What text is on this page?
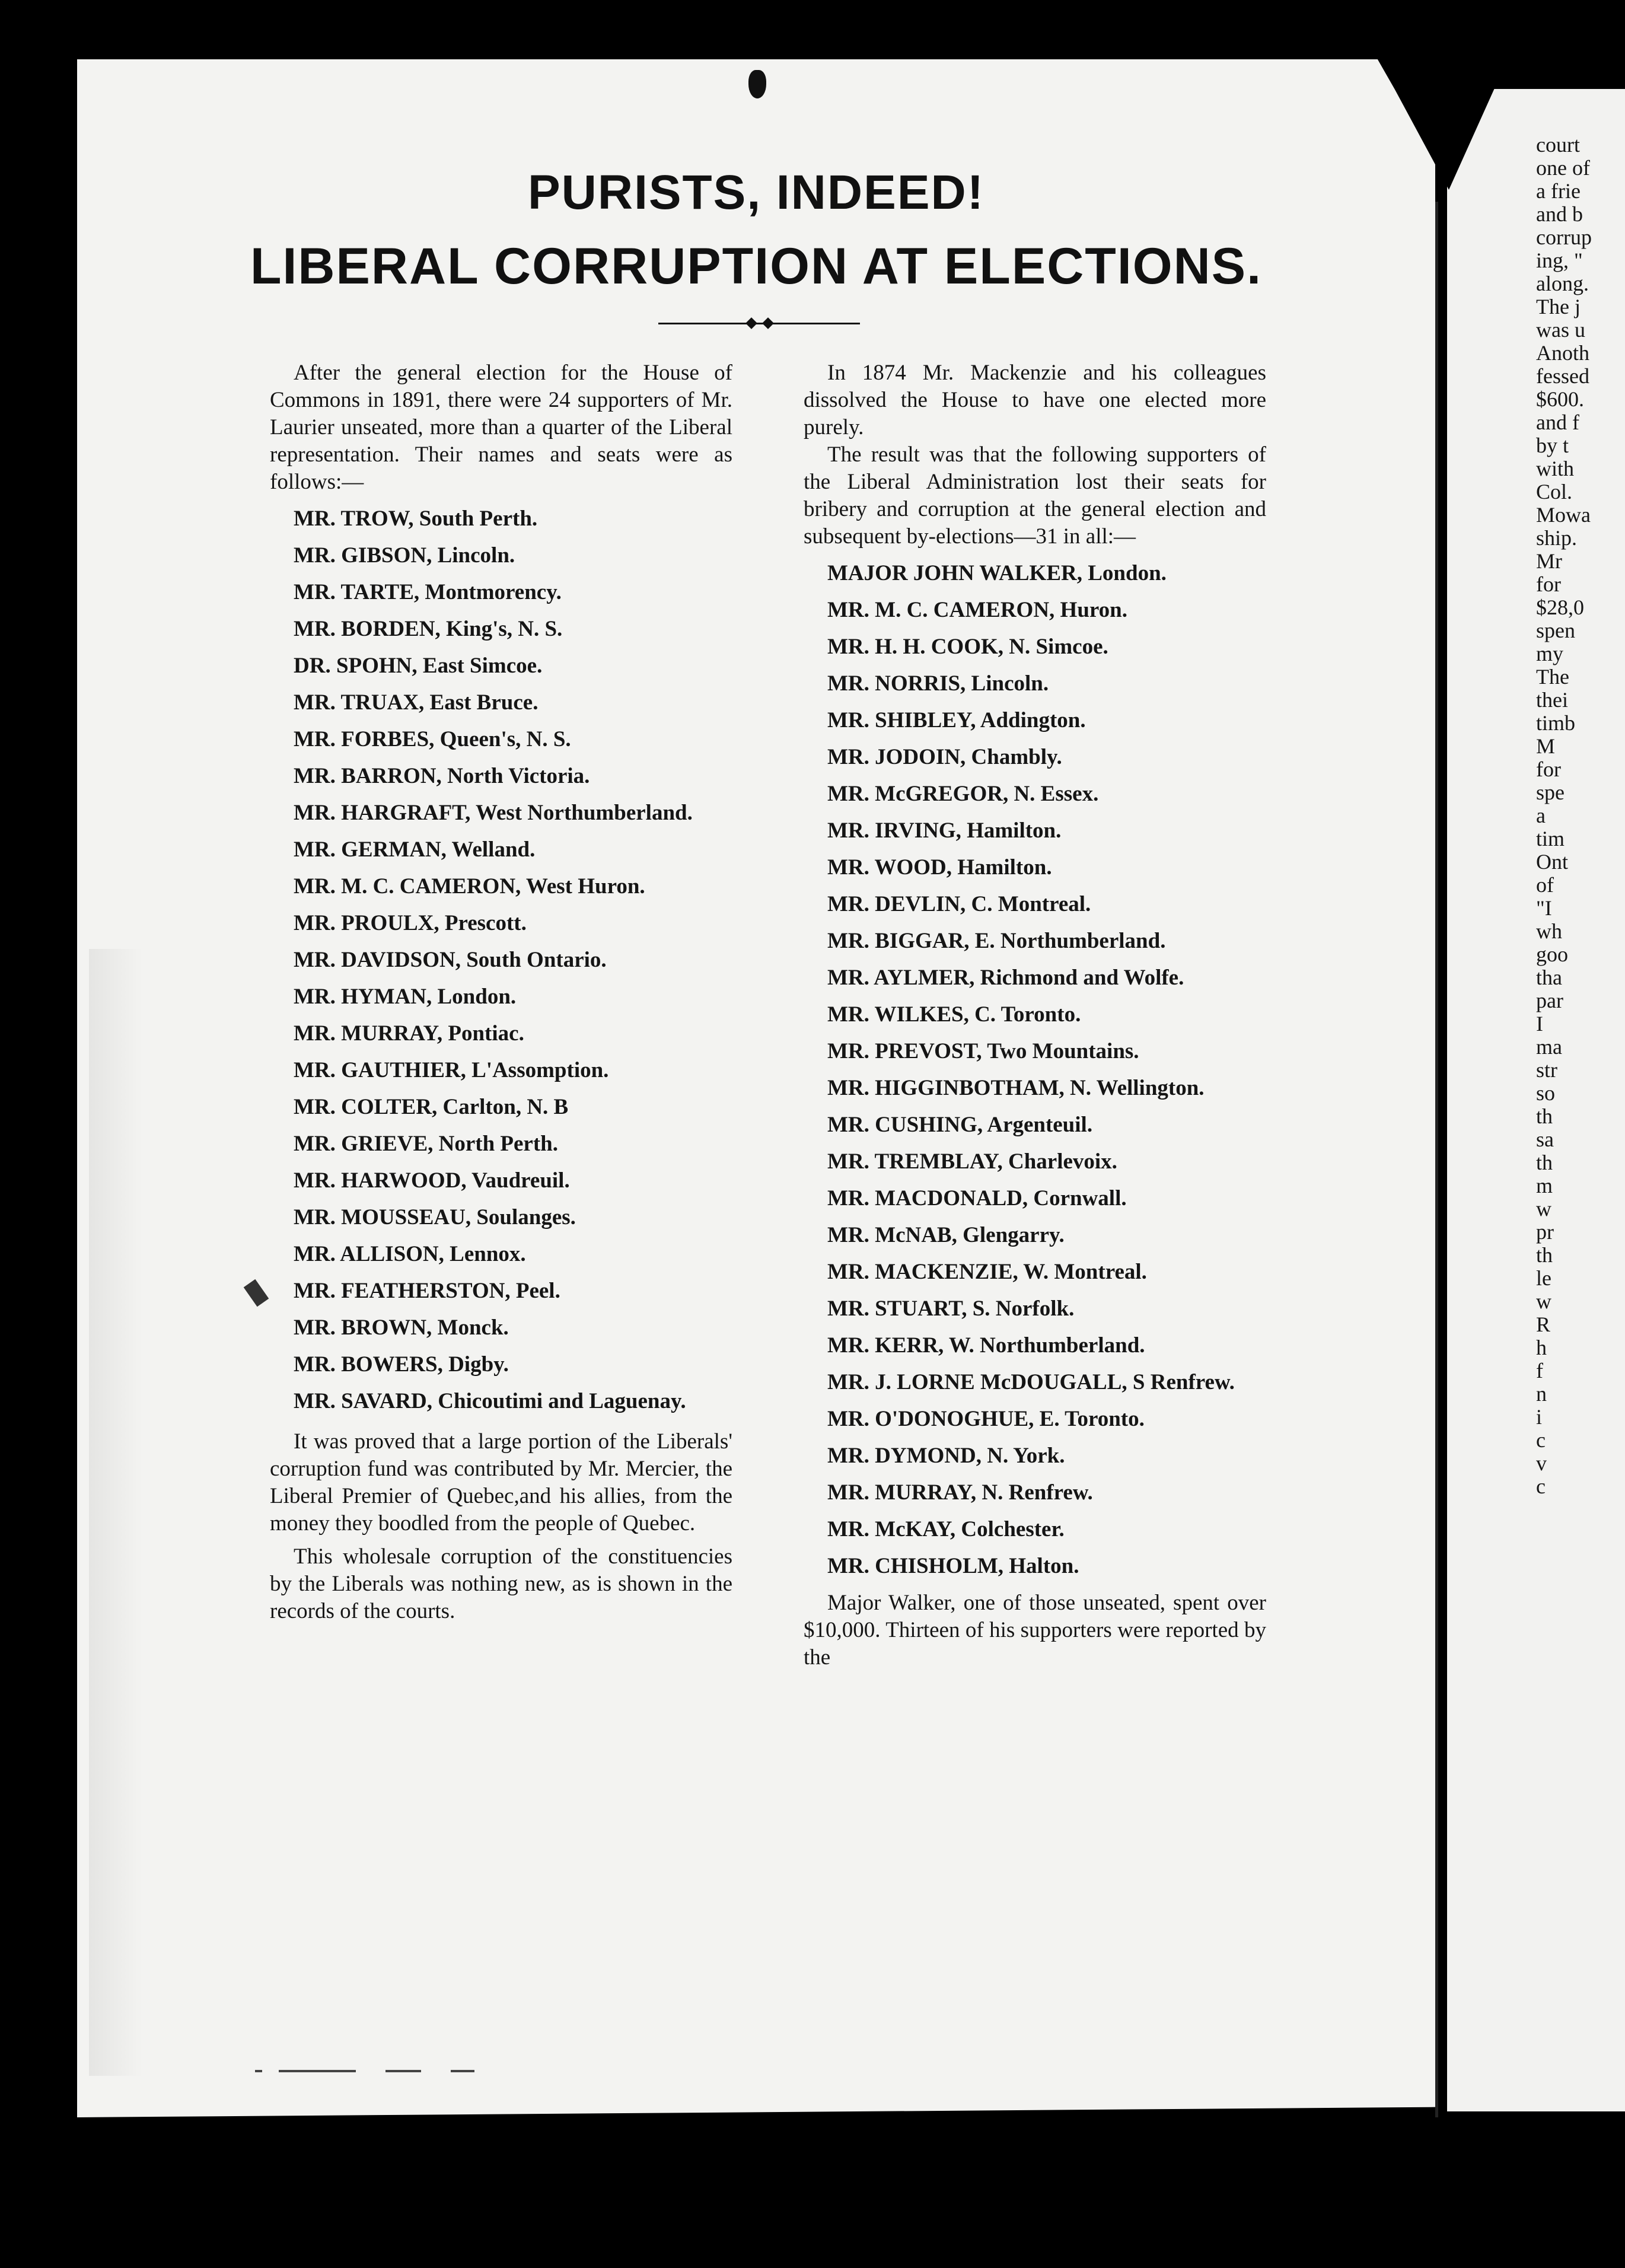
PURISTS, INDEED!
LIBERAL CORRUPTION AT ELECTIONS.

After the general election for the House of Commons in 1891, there were 24 supporters of Mr. Laurier unseated, more than a quarter of the Liberal representation. Their names and seats were as follows:—

MR. TROW, South Perth.

MR. GIBSON, Lincoln.

MR. TARTE, Montmorency.

MR. BORDEN, King's, N. S.

DR. SPOHN, East Simcoe.

MR. TRUAX, East Bruce.

MR. FORBES, Queen's, N. S.

MR. BARRON, North Victoria.

MR. HARGRAFT, West Northumberland.

MR. GERMAN, Welland.

MR. M. C. CAMERON, West Huron.

MR. PROULX, Prescott.

MR. DAVIDSON, South Ontario.

MR. HYMAN, London.

MR. MURRAY, Pontiac.

MR. GAUTHIER, L'Assomption.

MR. COLTER, Carlton, N. B

MR. GRIEVE, North Perth.

MR. HARWOOD, Vaudreuil.

MR. MOUSSEAU, Soulanges.

MR. ALLISON, Lennox.

MR. FEATHERSTON, Peel.

MR. BROWN, Monck.

MR. BOWERS, Digby.

MR. SAVARD, Chicoutimi and Laguenay.

It was proved that a large portion of the Liberals' corruption fund was contributed by Mr. Mercier, the Liberal Premier of Quebec,and his allies, from the money they boodled from the people of Quebec.

This wholesale corruption of the constituencies by the Liberals was nothing new, as is shown in the records of the courts.

In 1874 Mr. Mackenzie and his colleagues dissolved the House to have one elected more purely.

The result was that the following supporters of the Liberal Administration lost their seats for bribery and corruption at the general election and subsequent by-elections—31 in all:—

MAJOR JOHN WALKER, London.

MR. M. C. CAMERON, Huron.

MR. H. H. COOK, N. Simcoe.

MR. NORRIS, Lincoln.

MR. SHIBLEY, Addington.

MR. JODOIN, Chambly.

MR. McGREGOR, N. Essex.

MR. IRVING, Hamilton.

MR. WOOD, Hamilton.

MR. DEVLIN, C. Montreal.

MR. BIGGAR, E. Northumberland.

MR. AYLMER, Richmond and Wolfe.

MR. WILKES, C. Toronto.

MR. PREVOST, Two Mountains.

MR. HIGGINBOTHAM, N. Wellington.

MR. CUSHING, Argenteuil.

MR. TREMBLAY, Charlevoix.

MR. MACDONALD, Cornwall.

MR. McNAB, Glengarry.

MR. MACKENZIE, W. Montreal.

MR. STUART, S. Norfolk.

MR. KERR, W. Northumberland.

MR. J. LORNE McDOUGALL, S Renfrew.

MR. O'DONOGHUE, E. Toronto.

MR. DYMOND, N. York.

MR. MURRAY, N. Renfrew.

MR. McKAY, Colchester.

MR. CHISHOLM, Halton.

Major Walker, one of those unseated, spent over $10,000. Thirteen of his supporters were reported by the

court
one of
a frie
and b
corrup
ing, "
along.
The j
was u
Anoth
fessed
$600.
and f
by t
with
Col.
Mowa
ship.
Mr
for
$28,0
spen
my
The
thei
timb
M
for
spe
a
tim
Ont
of
"I
wh
goo
tha
par
I
ma
str
so
th
sa
th
m
w
pr
th
le
w
R
h
f
n
i
c
v
c
